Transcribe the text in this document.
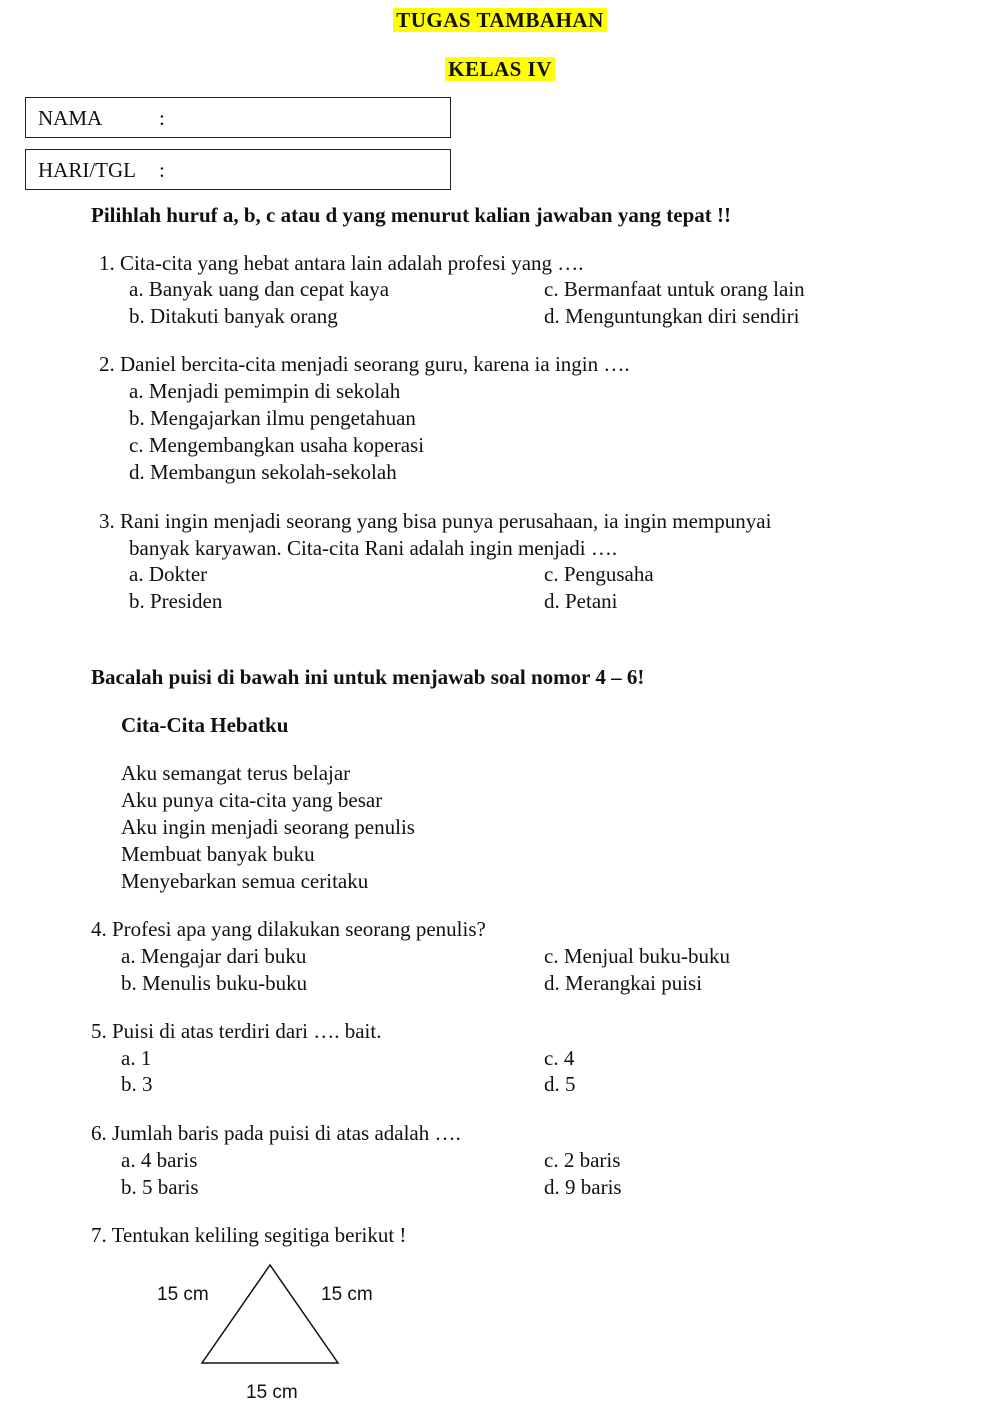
TUGAS TAMBAHAN
KELAS IV
NAMA	:
HARI/TGL :
Pilihlah huruf a, b, c atau d yang menurut kalian jawaban yang tepat !!
1. Cita-cita yang hebat antara lain adalah profesi yang ….
a. Banyak uang dan cepat kaya
b. Ditakuti banyak orang
c. Bermanfaat untuk orang lain
d. Menguntungkan diri sendiri
2. Daniel bercita-cita menjadi seorang guru, karena ia ingin ….
a. Menjadi pemimpin di sekolah
b. Mengajarkan ilmu pengetahuan
c. Mengembangkan usaha koperasi
d. Membangun sekolah-sekolah
3. Rani ingin menjadi seorang yang bisa punya perusahaan, ia ingin mempunyai
banyak karyawan. Cita-cita Rani adalah ingin menjadi ….
a. Dokter
b. Presiden
c. Pengusaha
d. Petani
Bacalah puisi di bawah ini untuk menjawab soal nomor 4 – 6!
Cita-Cita Hebatku
Aku semangat terus belajar
Aku punya cita-cita yang besar
Aku ingin menjadi seorang penulis
Membuat banyak buku
Menyebarkan semua ceritaku
4. Profesi apa yang dilakukan seorang penulis?
a. Mengajar dari buku
b. Menulis buku-buku
c. Menjual buku-buku
d. Merangkai puisi
5. Puisi di atas terdiri dari …. bait.
a. 1
b. 3
c. 4
d. 5
6. Jumlah baris pada puisi di atas adalah ….
a. 4 baris
b. 5 baris
c. 2 baris
d. 9 baris
7. Tentukan keliling segitiga berikut !
15 cm	15 cm
15 cm
